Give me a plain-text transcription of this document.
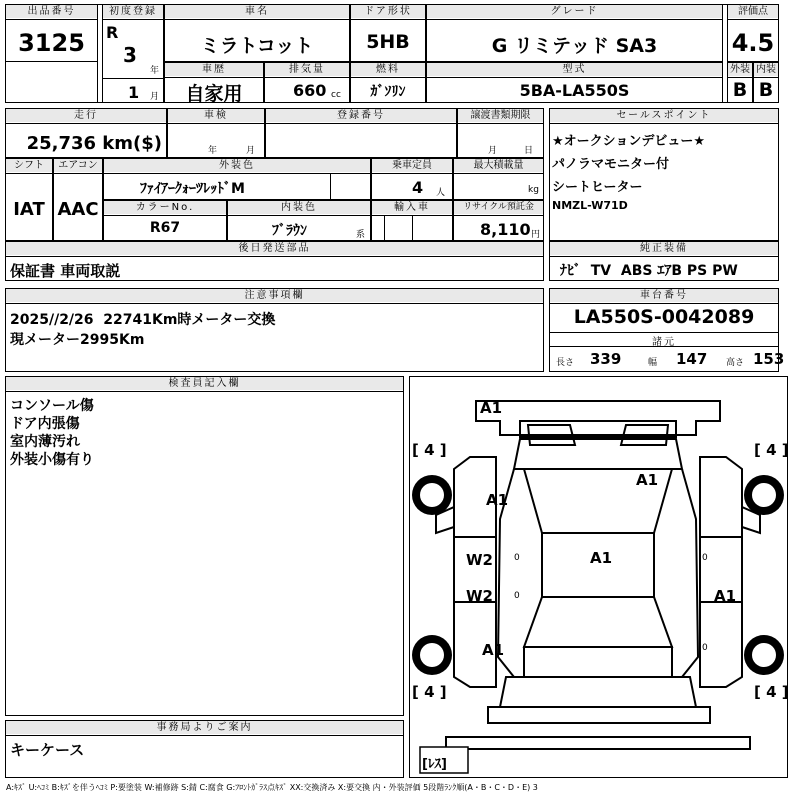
出品番号
3125
初度登録
R
3
年
1 月
車名
ミラトコット
ドア形状
5HB
グレード
G リミテッド SA3
評価点
4.5
車歴
自家用
排気量
660 cc
燃料
ｶﾞｿﾘﾝ
型式
5BA-LA550S
外装
B
内装
B
走行
25,736 km($)
車検
年	月
登録番号	譲渡書類期限
月	日
シフト
IAT
エアコン
AAC
外装色
ﾌｧｲｱｰｸｫｰﾂﾚｯﾄﾞM
乗車定員
4 人
最大積載量
kg
カラーNo.
R67
内装色
ﾌﾞﾗｳﾝ	系
輸入車	リサイクル預託金
8,110 円
後日発送部品
保証書 車両取説
セールスポイント
★オークションデビュー★
パノラマモニター付
シートヒーター
NMZL-W71D
純正装備
ﾅﾋﾞ  TV  ABS ｴｱB PS PW
注意事項欄
2025//2/26  22741Km時メーター交換
現メーター2995Km
車台番号
LA550S-0042089
諸元
長さ 339	幅 147 高さ 153
検査員記入欄
コンソール傷
ドア内張傷
室内薄汚れ
外装小傷有り
事務局よりご案内
キーケース
[ 4 ]	[ 4 ]
[ 4 ]	[ 4 ]
[ﾚｽ]
A1
A1
A1
A1
W2
W2	A1
A1
0	0
0
0
A:ｷｽﾞ U:ﾍｺﾐ B:ｷｽﾞを伴うﾍｺﾐ P:要塗装 W:補修跡 S:錆 C:腐食 G:ﾌﾛﾝﾄｶﾞﾗｽ点ｷｽﾞ XX:交換済み X:要交換 内・外装評価 5段階ﾗﾝｸ順(A・B・C・D・E) 3
